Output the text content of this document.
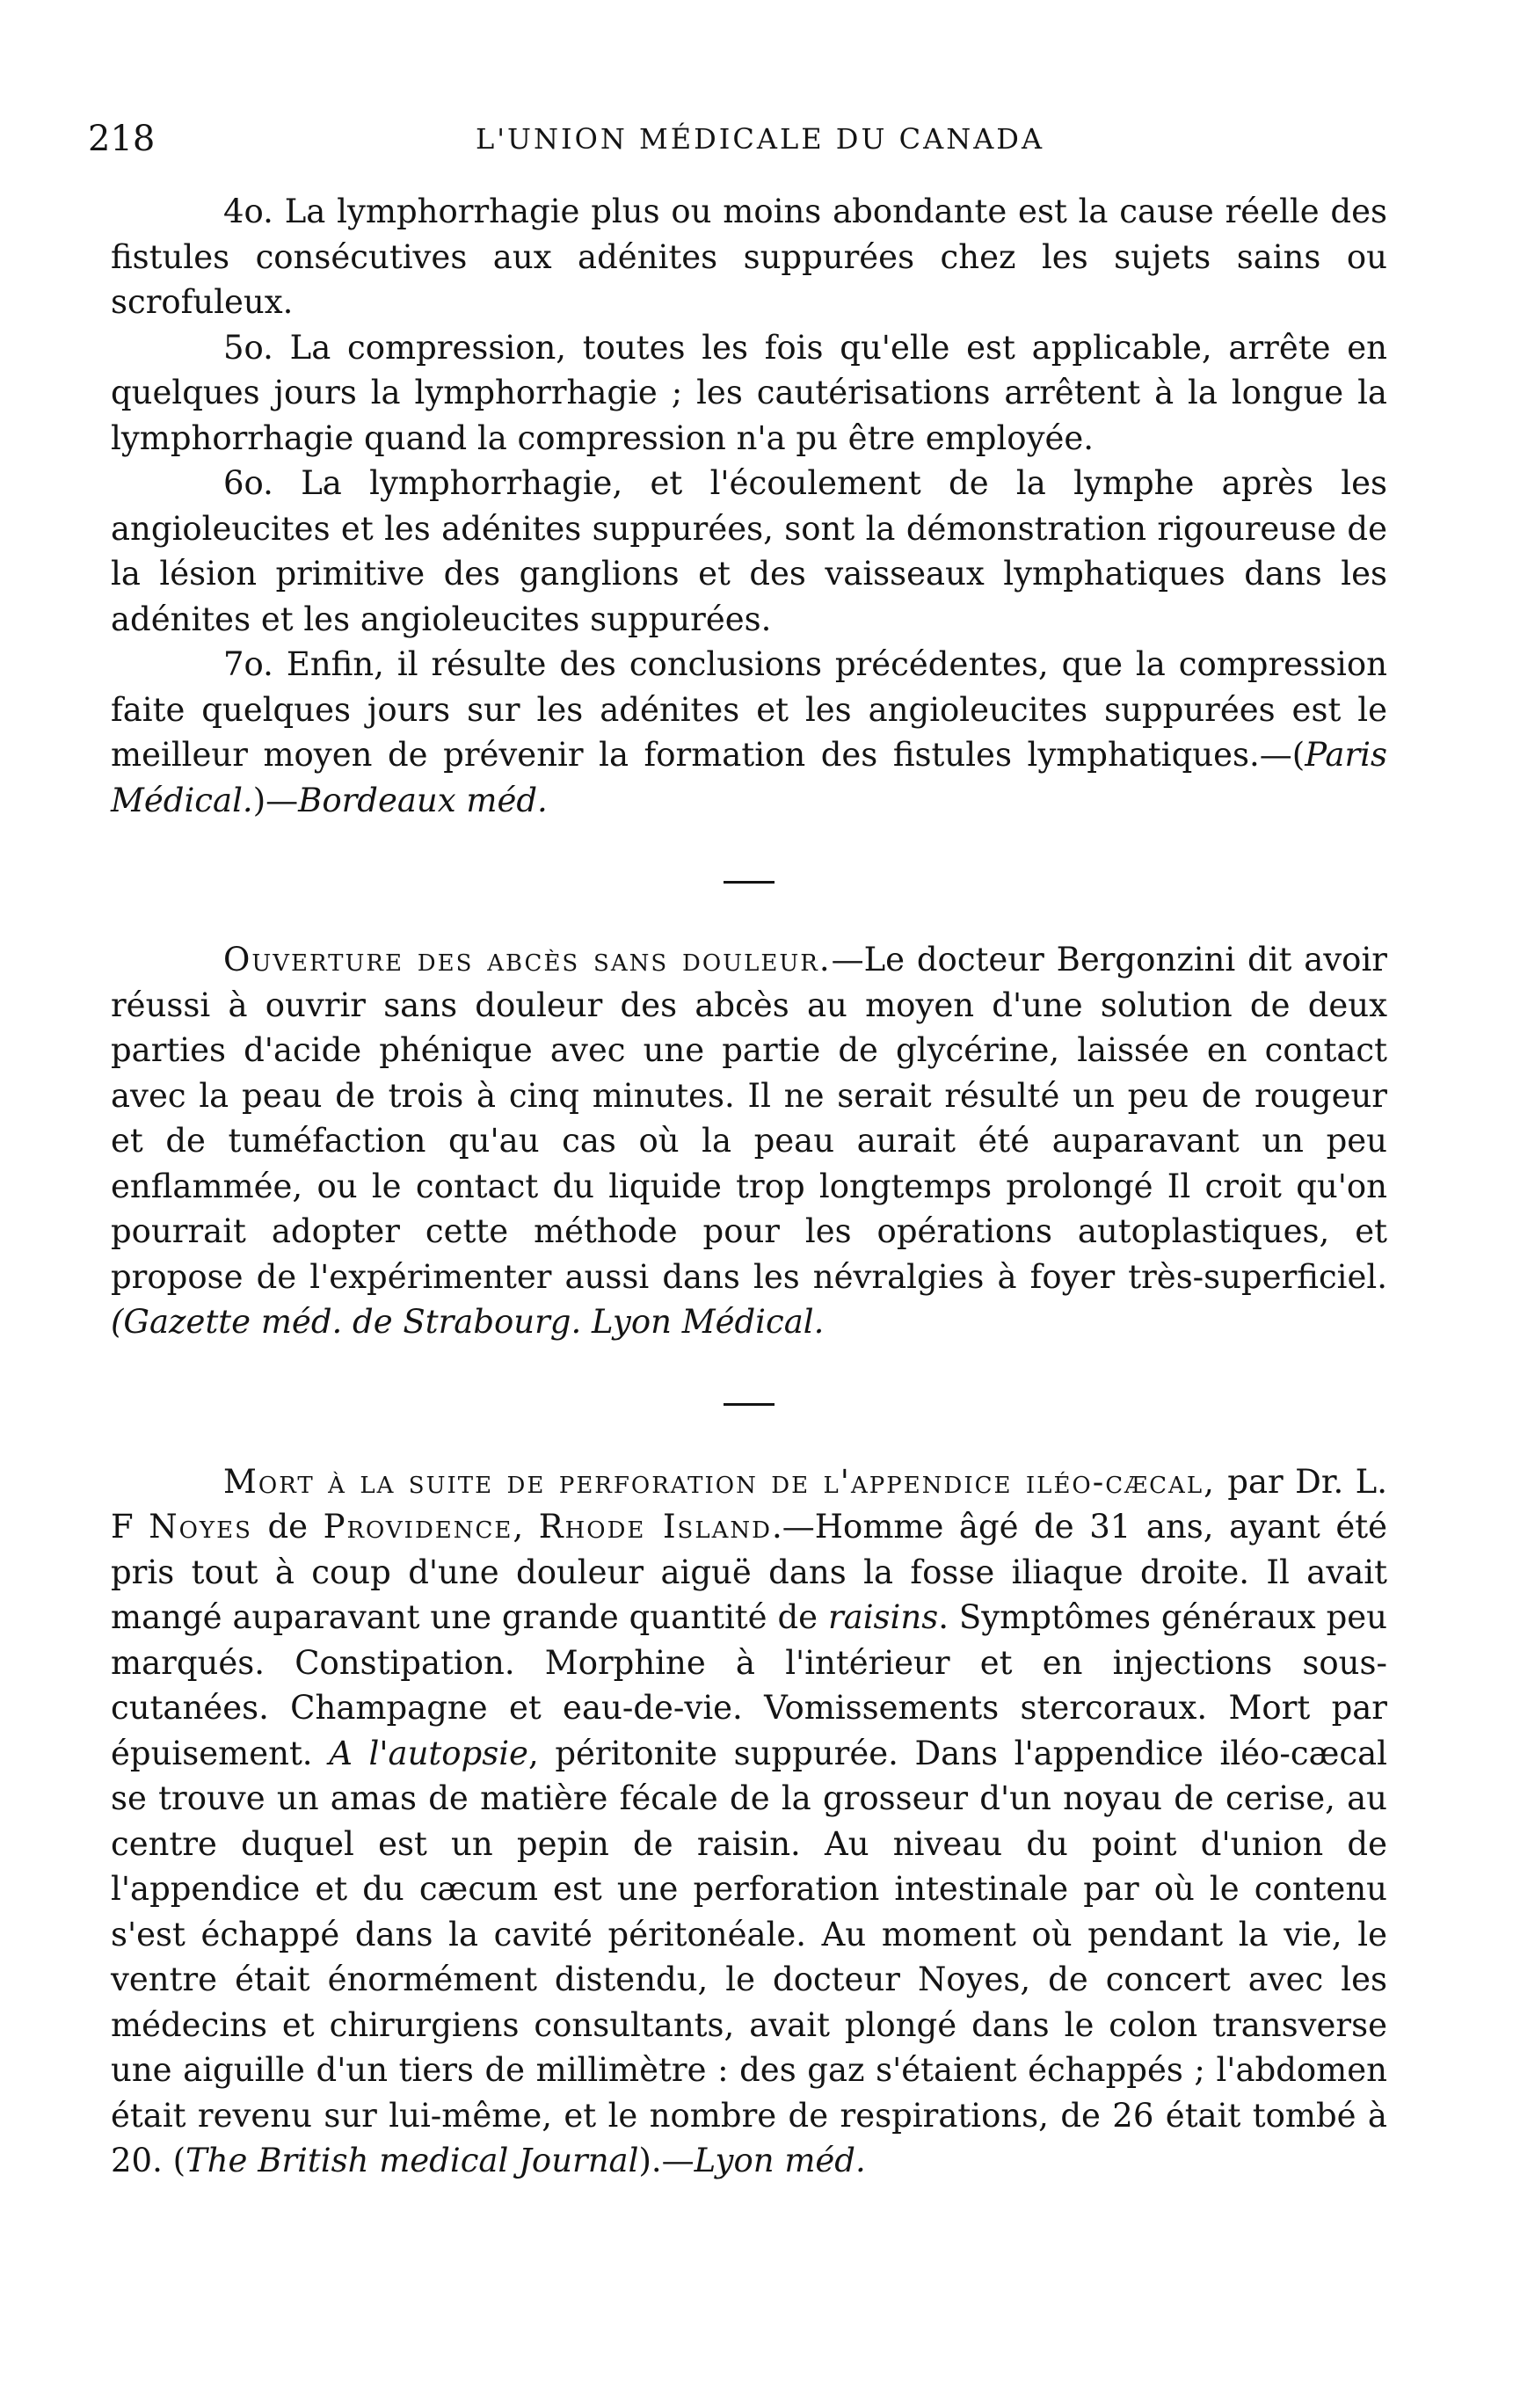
218	L'UNION MÉDICALE DU CANADA

4o. La lymphorrhagie plus ou moins abondante est la cause réelle des fistules consécutives aux adénites suppurées chez les sujets sains ou scrofuleux.

5o. La compression, toutes les fois qu'elle est applicable, arrête en quelques jours la lymphorrhagie ; les cautérisations arrêtent à la longue la lymphorrhagie quand la compression n'a pu être employée.

6o. La lymphorrhagie, et l'écoulement de la lymphe après les angioleucites et les adénites suppurées, sont la démonstration rigoureuse de la lésion primitive des ganglions et des vaisseaux lymphatiques dans les adénites et les angioleucites suppurées.

7o. Enfin, il résulte des conclusions précédentes, que la compression faite quelques jours sur les adénites et les angioleucites suppurées est le meilleur moyen de prévenir la formation des fistules lymphatiques.—(Paris Médical.)—Bordeaux méd.

Ouverture des abcès sans douleur.—Le docteur Bergonzini dit avoir réussi à ouvrir sans douleur des abcès au moyen d'une solution de deux parties d'acide phénique avec une partie de glycérine, laissée en contact avec la peau de trois à cinq minutes. Il ne serait résulté un peu de rougeur et de tuméfaction qu'au cas où la peau aurait été auparavant un peu enflammée, ou le contact du liquide trop longtemps prolongé Il croit qu'on pourrait adopter cette méthode pour les opérations autoplastiques, et propose de l'expérimenter aussi dans les névralgies à foyer très-superficiel. (Gazette méd. de Strabourg. Lyon Médical.

Mort à la suite de perforation de l'appendice iléo-cæcal, par Dr. L. F Noyes de Providence, Rhode Island.—Homme âgé de 31 ans, ayant été pris tout à coup d'une douleur aiguë dans la fosse iliaque droite. Il avait mangé auparavant une grande quantité de raisins. Symptômes généraux peu marqués. Constipation. Morphine à l'intérieur et en injections sous-cutanées. Champagne et eau-de-vie. Vomissements stercoraux. Mort par épuisement. A l'autopsie, péritonite suppurée. Dans l'appendice iléo-cæcal se trouve un amas de matière fécale de la grosseur d'un noyau de cerise, au centre duquel est un pepin de raisin. Au niveau du point d'union de l'appendice et du cæcum est une perforation intestinale par où le contenu s'est échappé dans la cavité péritonéale. Au moment où pendant la vie, le ventre était énormément distendu, le docteur Noyes, de concert avec les médecins et chirurgiens consultants, avait plongé dans le colon transverse une aiguille d'un tiers de millimètre : des gaz s'étaient échappés ; l'abdomen était revenu sur lui-même, et le nombre de respirations, de 26 était tombé à 20. (The British medical Journal).—Lyon méd.
